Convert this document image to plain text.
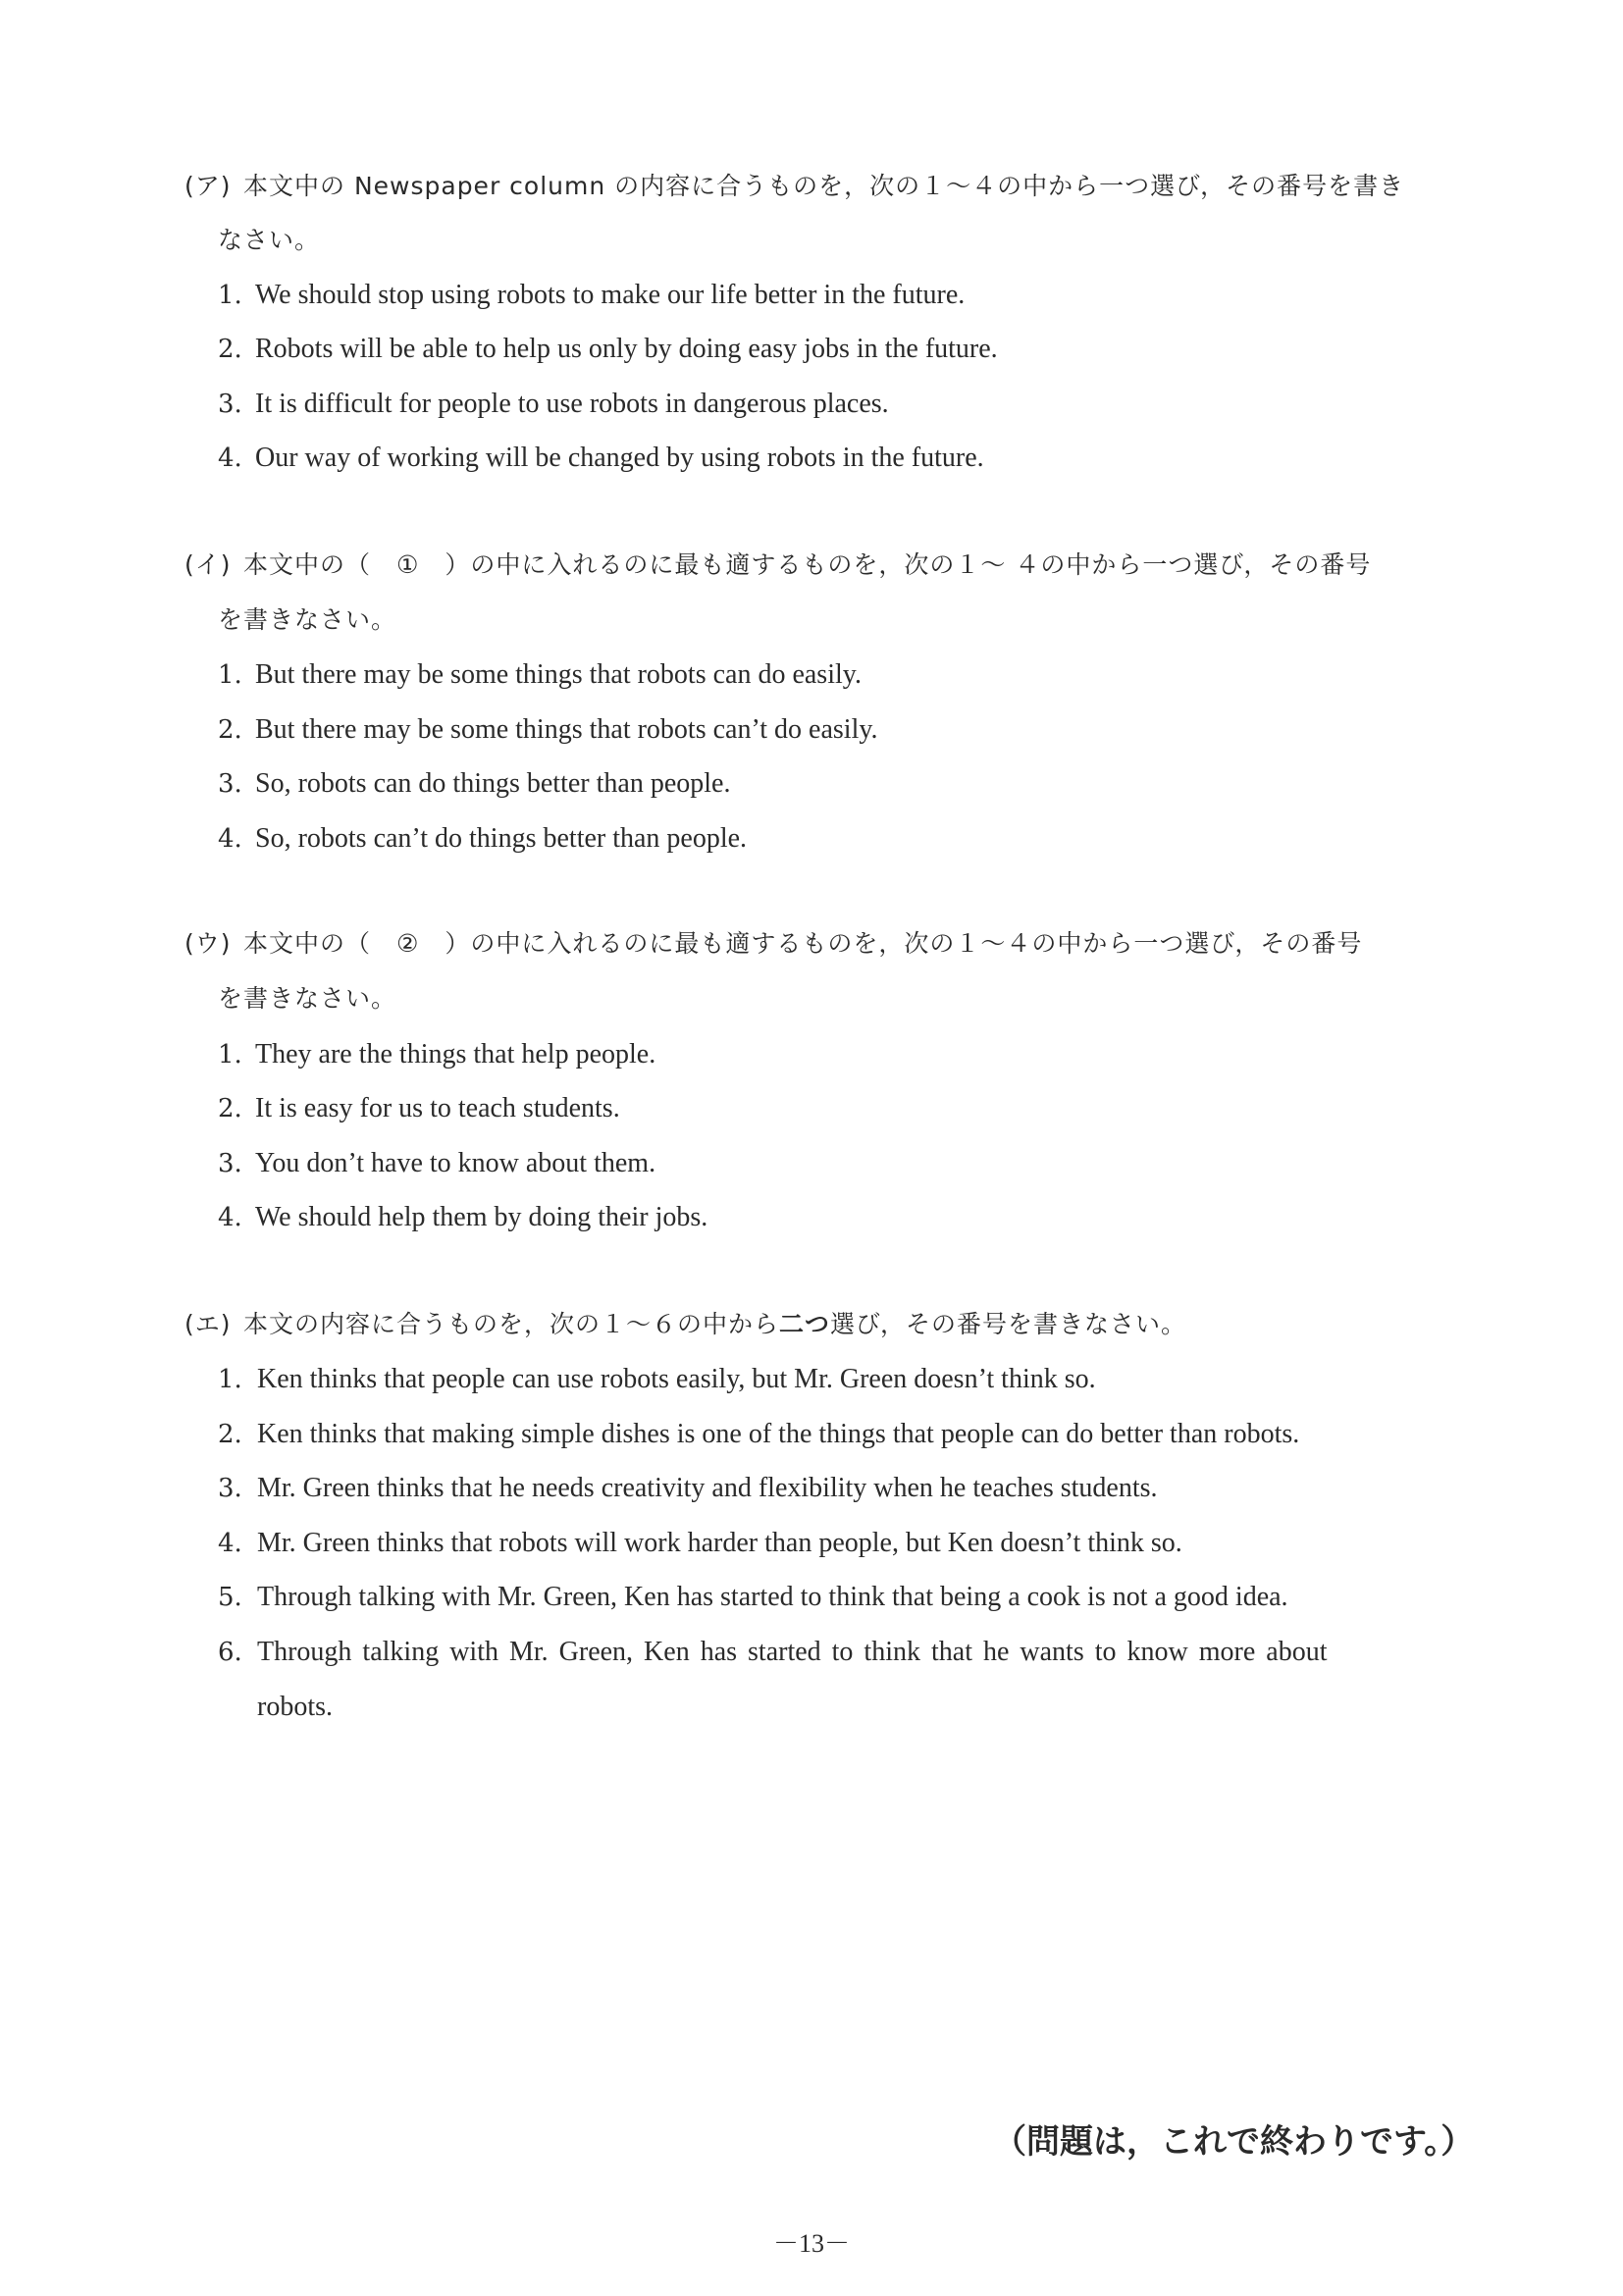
(ア) 本文中の Newspaper column の内容に合うものを，次の１～４の中から一つ選び，その番号を書き
なさい。
1. We should stop using robots to make our life better in the future.
2. Robots will be able to help us only by doing easy jobs in the future.
3. It is difficult for people to use robots in dangerous places.
4. Our way of working will be changed by using robots in the future.
(イ) 本文中の（　①　）の中に入れるのに最も適するものを，次の１～ ４の中から一つ選び，その番号
を書きなさい。
1. But there may be some things that robots can do easily.
2. But there may be some things that robots can’t do easily.
3. So, robots can do things better than people.
4. So, robots can’t do things better than people.
(ウ) 本文中の（　②　）の中に入れるのに最も適するものを，次の１～４の中から一つ選び，その番号
を書きなさい。
1. They are the things that help people.
2. It is easy for us to teach students.
3. You don’t have to know about them.
4. We should help them by doing their jobs.
(エ) 本文の内容に合うものを，次の１～６の中から二つ選び，その番号を書きなさい。
1. Ken thinks that people can use robots easily, but Mr. Green doesn’t think so.
2. Ken thinks that making simple dishes is one of the things that people can do better than robots.
3. Mr. Green thinks that he needs creativity and flexibility when he teaches students.
4. Mr. Green thinks that robots will work harder than people, but Ken doesn’t think so.
5. Through talking with Mr. Green, Ken has started to think that being a cook is not a good idea.
6. Through talking with Mr. Green, Ken has started to think that he wants to know more about
robots.
（問題は，これで終わりです。）
－13－
